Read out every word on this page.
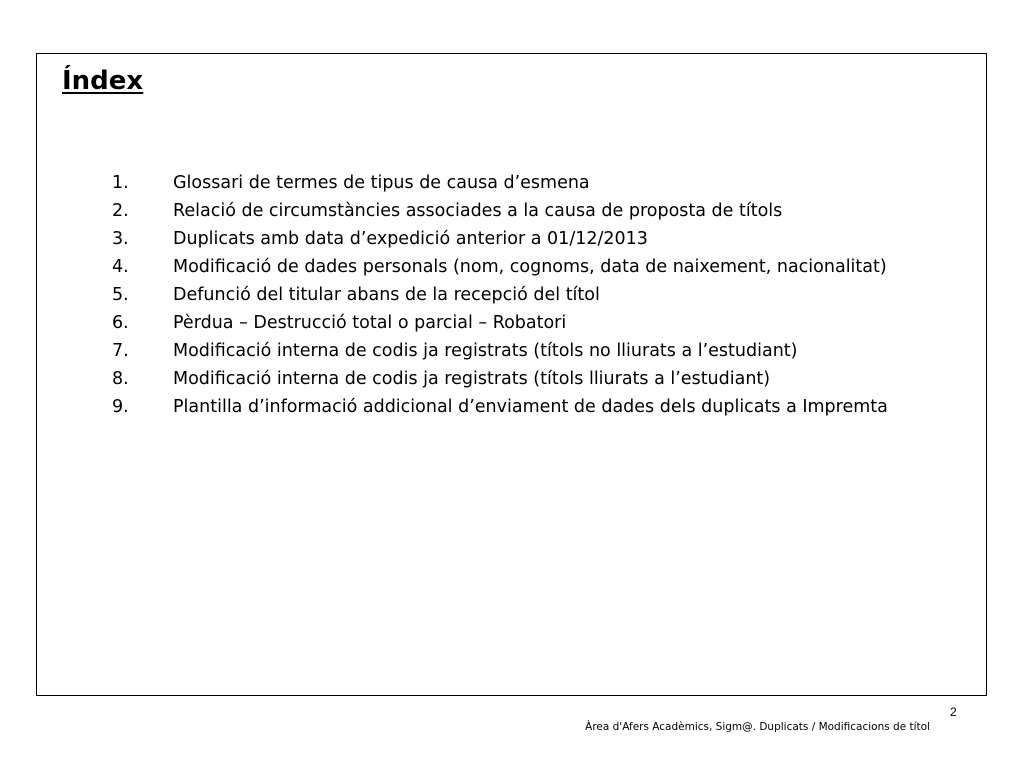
Índex
1.	Glossari de termes de tipus de causa d’esmena
2.	Relació de circumstàncies associades a la causa de proposta de títols
3.	Duplicats amb data d’expedició anterior a 01/12/2013
4.	Modificació de dades personals (nom, cognoms, data de naixement, nacionalitat)
5.	Defunció del titular abans de la recepció del títol
6.	Pèrdua – Destrucció total o parcial – Robatori
7.	Modificació interna de codis ja registrats (títols no lliurats a l’estudiant)
8.	Modificació interna de codis ja registrats (títols lliurats a l’estudiant)
9.	Plantilla d’informació addicional d’enviament de dades dels duplicats a Impremta
2
Àrea d'Afers Acadèmics, Sigm@. Duplicats / Modificacions de títol
